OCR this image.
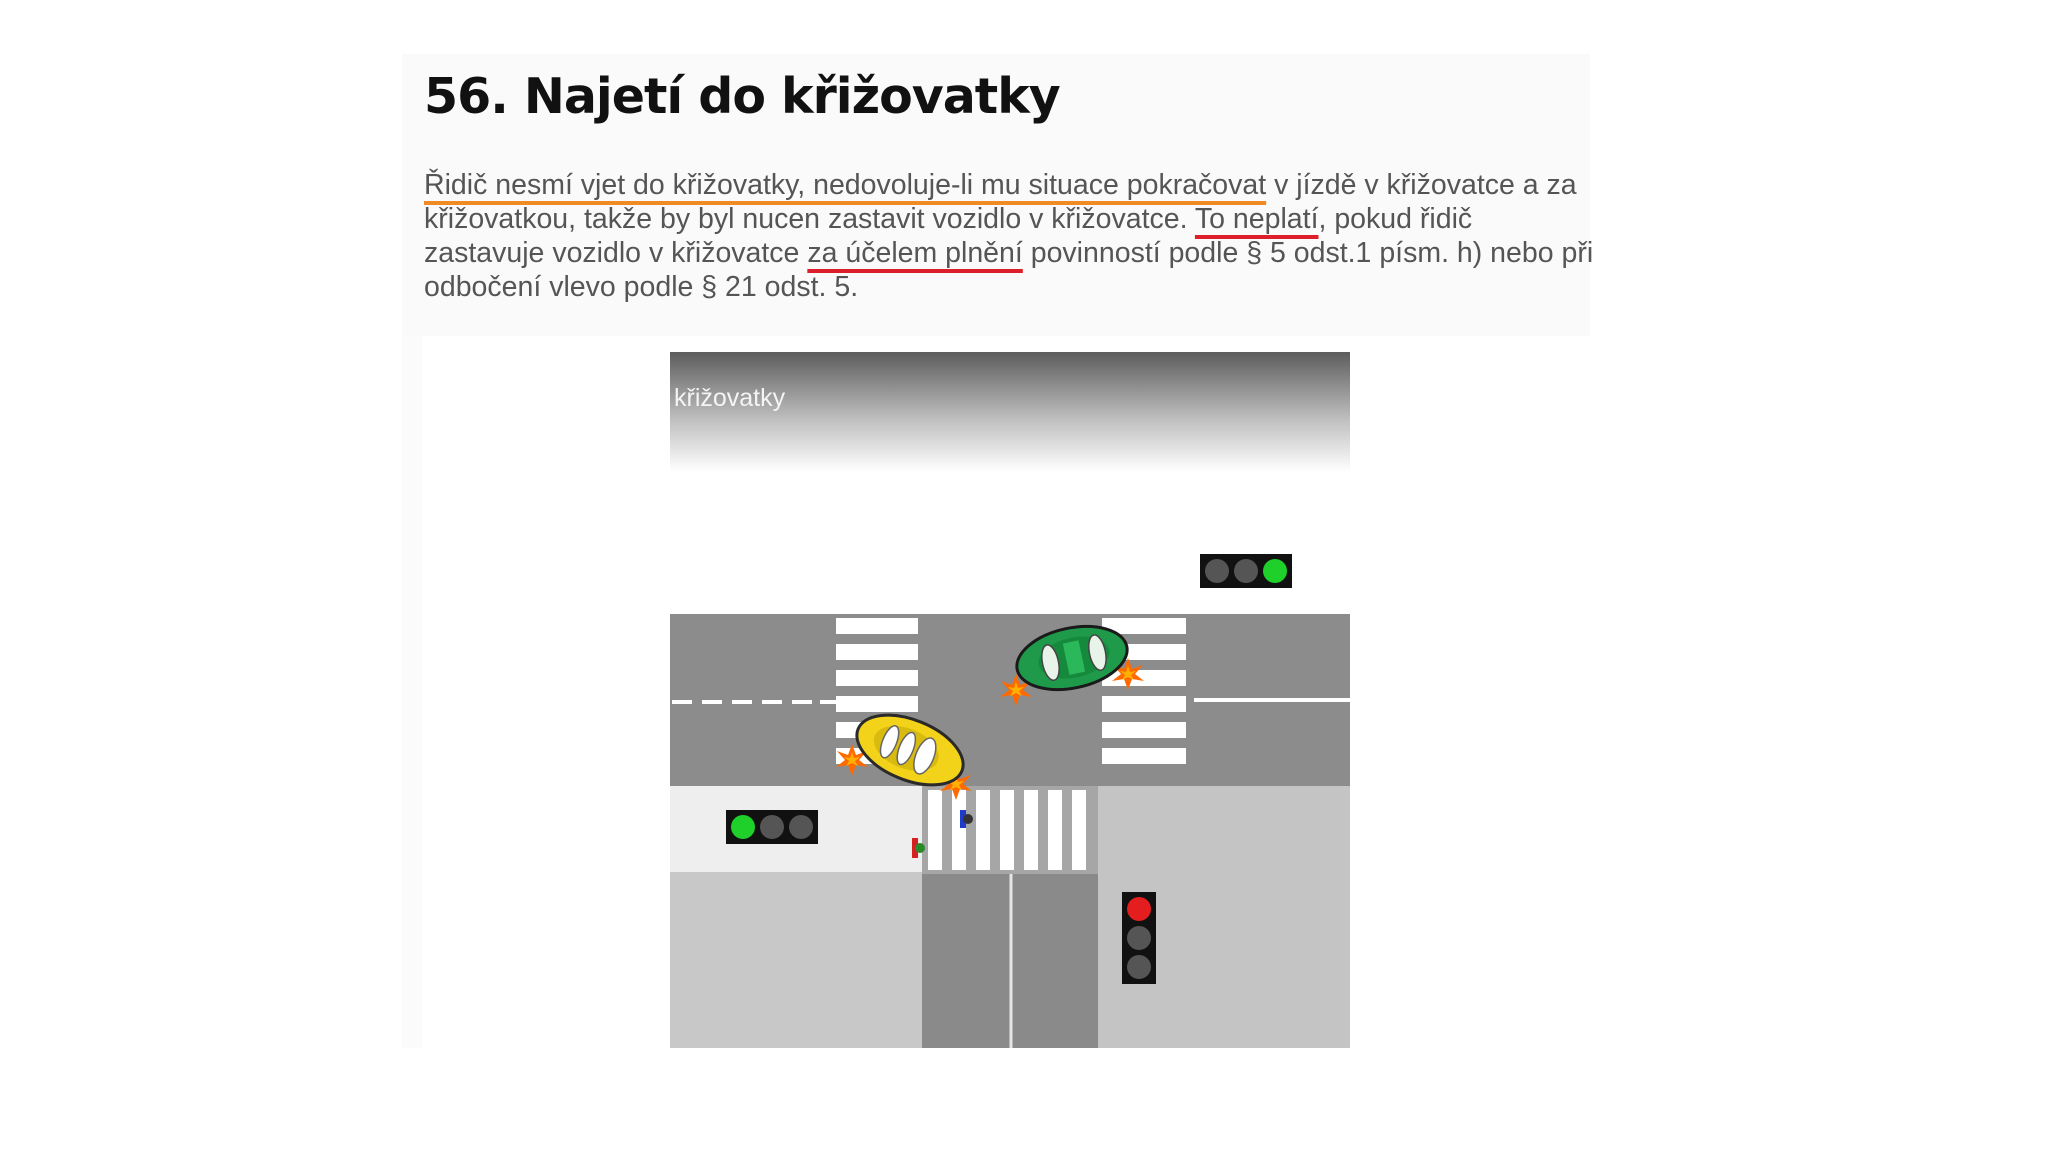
56. Najetí do křižovatky

Řidič nesmí vjet do křižovatky, nedovoluje-li mu situace pokračovat v jízdě v křižovatce a za křižovatkou, takže by byl nucen zastavit vozidlo v křižovatce. To neplatí, pokud řidič zastavuje vozidlo v křižovatce za účelem plnění povinností podle § 5 odst.1 písm. h) nebo při odbočení vlevo podle § 21 odst. 5.

křižovatky
